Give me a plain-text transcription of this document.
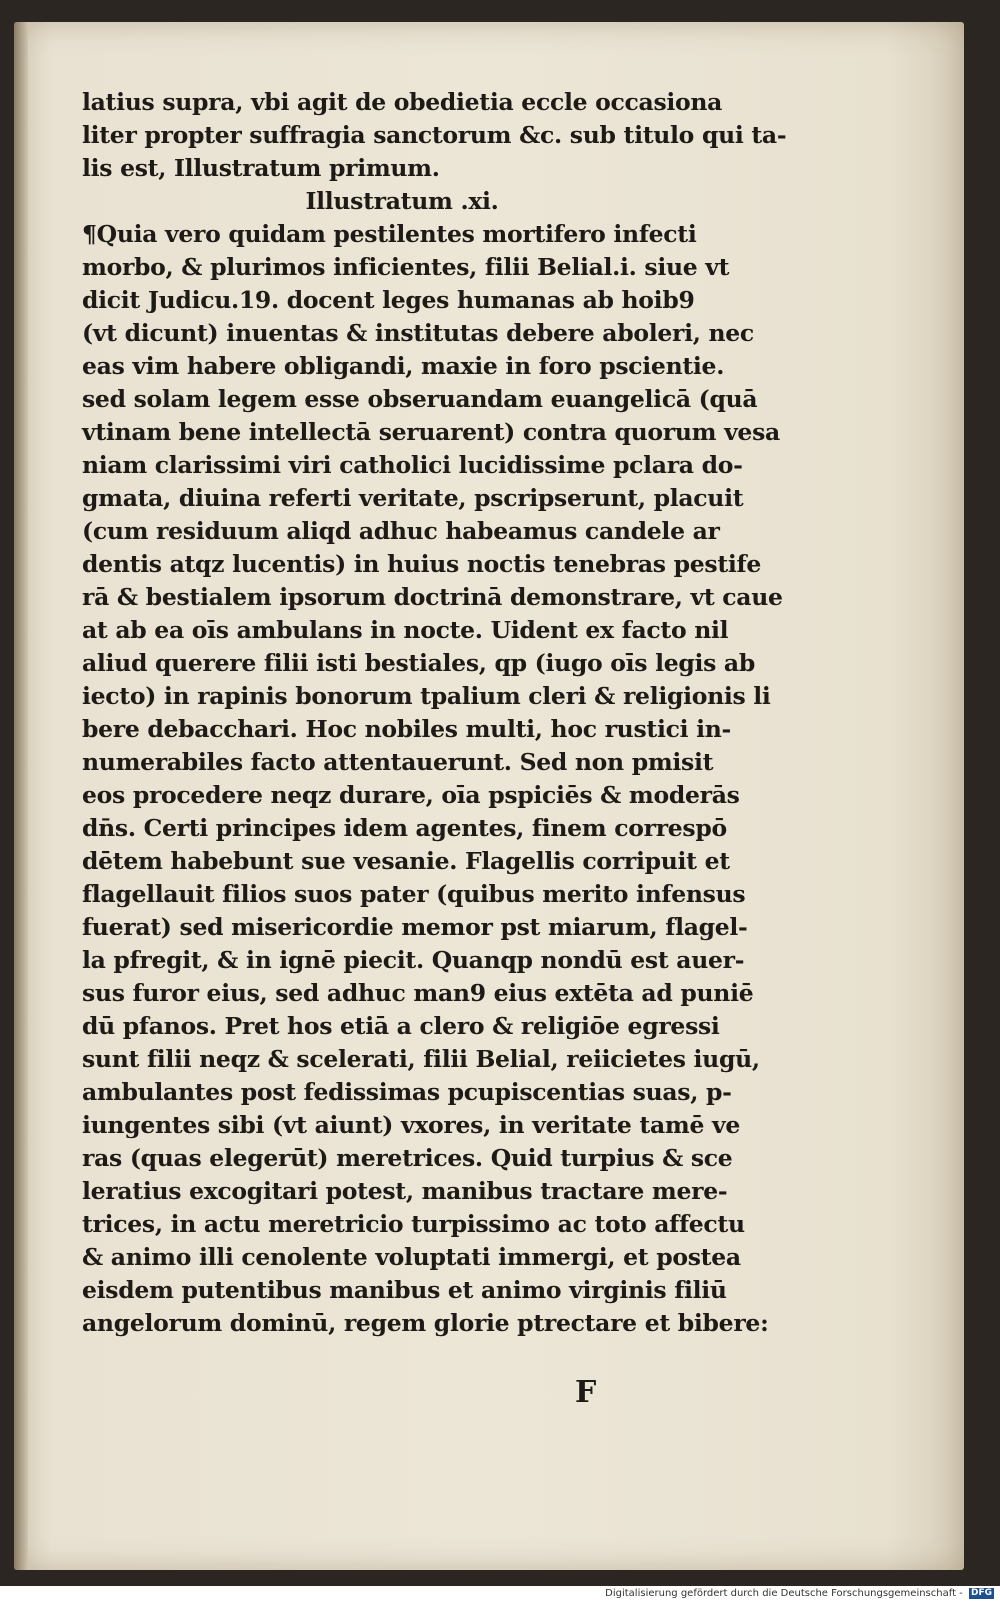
latius supra, vbi agit de obedietia eccle occasiona
liter propter suffragia sanctorum &c. sub titulo qui ta-
lis est, Illustratum primum.
Illustratum .xi.
¶Quia vero quidam pestilentes mortifero infecti
morbo, & plurimos inficientes, filii Belial.i. siue vt
dicit Judicu.19. docent leges humanas ab hoib9
(vt dicunt) inuentas & institutas debere aboleri, nec
eas vim habere obligandi, maxie in foro pscientie.
sed solam legem esse obseruandam euangelicā (quā
vtinam bene intellectā seruarent) contra quorum vesa
niam clarissimi viri catholici lucidissime pclara do-
gmata, diuina referti veritate, pscripserunt, placuit
(cum residuum aliqd adhuc habeamus candele ar
dentis atqz lucentis) in huius noctis tenebras pestife
rā & bestialem ipsorum doctrinā demonstrare, vt caue
at ab ea oīs ambulans in nocte. Uident ex facto nil
aliud querere filii isti bestiales, qp (iugo oīs legis ab
iecto) in rapinis bonorum tpalium cleri & religionis li
bere debacchari. Hoc nobiles multi, hoc rustici in-
numerabiles facto attentauerunt. Sed non pmisit
eos procedere neqz durare, oīa pspiciēs & moderās
dn̄s. Certi principes idem agentes, finem correspō
dētem habebunt sue vesanie. Flagellis corripuit et
flagellauit filios suos pater (quibus merito infensus
fuerat) sed misericordie memor pst miarum, flagel-
la pfregit, & in ignē piecit. Quanqp nondū est auer-
sus furor eius, sed adhuc man9 eius extēta ad puniē
dū pfanos. Pret hos etiā a clero & religiōe egressi
sunt filii neqz & scelerati, filii Belial, reiicietes iugū,
ambulantes post fedissimas pcupiscentias suas, p-
iungentes sibi (vt aiunt) vxores, in veritate tamē ve
ras (quas elegerūt) meretrices. Quid turpius & sce
leratius excogitari potest, manibus tractare mere-
trices, in actu meretricio turpissimo ac toto affectu
& animo illi cenolente voluptati immergi, et postea
eisdem putentibus manibus et animo virginis filiū
angelorum dominū, regem glorie ptrectare et bibere:
F
Digitalisierung gefördert durch die Deutsche Forschungsgemeinschaft - DFG
